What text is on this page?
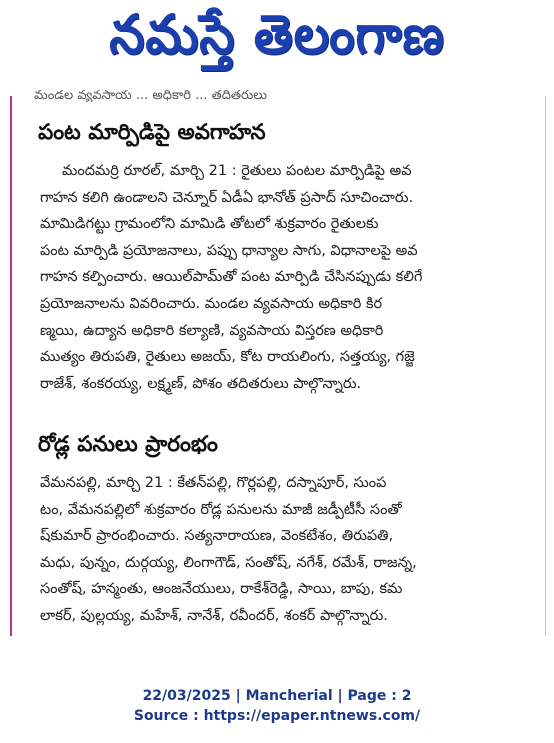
నమస్తే తెలంగాణ
మండల వ్యవసాయ ... అధికారి ... తదితరులు
పంట మార్పిడిపై అవగాహన
మందమర్రి రూరల్, మార్చి 21 : రైతులు పంటల మార్పిడిపై అవ
గాహన కలిగి ఉండాలని చెన్నూర్ ఏడీఏ భానోత్ ప్రసాద్ సూచించారు.
మామిడిగట్టు గ్రామంలోని మామిడి తోటలో శుక్రవారం రైతులకు
పంట మార్పిడి ప్రయోజనాలు, పప్పు ధాన్యాల సాగు, విధానాలపై అవ
గాహన కల్పించారు. ఆయిల్‌పామ్‌తో పంట మార్పిడి చేసినప్పుడు కలిగే
ప్రయోజనాలను వివరించారు. మండల వ్యవసాయ అధికారి కిర
ణ్మయి, ఉద్యాన అధికారి కల్యాణి, వ్యవసాయ విస్తరణ అధికారి
ముత్యం తిరుపతి, రైతులు అజయ్, కోట రాయలింగు, సత్తయ్య, గజ్జె
రాజేశ్, శంకరయ్య, లక్ష్మణ్, పోశం తదితరులు పాల్గొన్నారు.
రోడ్ల పనులు ప్రారంభం
వేమనపల్లి, మార్చి 21 : కేతన్‌పల్లి, గొర్లపల్లి, దస్నాపూర్, సుంప
టం, వేమనపల్లిలో శుక్రవారం రోడ్ల పనులను మాజీ జడ్పీటీసీ సంతో
ష్‌కుమార్ ప్రారంభించారు. సత్యనారాయణ, వెంకటేశం, తిరుపతి,
మధు, పున్నం, దుర్గయ్య, లింగాగౌడ్, సంతోష్, నగేశ్, రమేశ్, రాజన్న,
సంతోష్, హన్మంతు, ఆంజనేయులు, రాకేశ్‌రెడ్డి, సాయి, బాపు, కమ
లాకర్, పుల్లయ్య, మహేశ్, నానేశ్, రవీందర్, శంకర్ పాల్గొన్నారు.
22/03/2025 | Mancherial | Page : 2
Source : https://epaper.ntnews.com/
